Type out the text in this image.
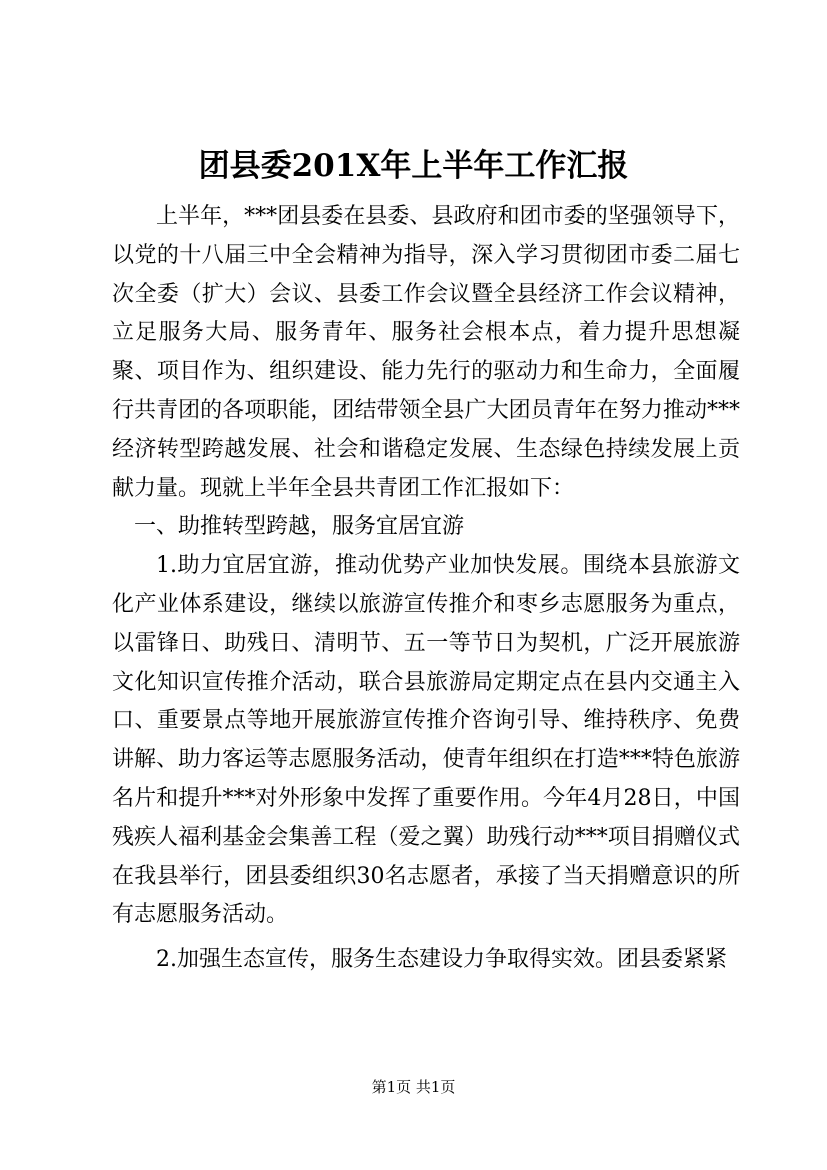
团县委201X年上半年工作汇报

上半年，***团县委在县委、县政府和团市委的坚强领导下，以党的十八届三中全会精神为指导，深入学习贯彻团市委二届七次全委（扩大）会议、县委工作会议暨全县经济工作会议精神，立足服务大局、服务青年、服务社会根本点，着力提升思想凝聚、项目作为、组织建设、能力先行的驱动力和生命力，全面履行共青团的各项职能，团结带领全县广大团员青年在努力推动***经济转型跨越发展、社会和谐稳定发展、生态绿色持续发展上贡献力量。现就上半年全县共青团工作汇报如下：

一、助推转型跨越，服务宜居宜游

1.助力宜居宜游，推动优势产业加快发展。围绕本县旅游文化产业体系建设，继续以旅游宣传推介和枣乡志愿服务为重点，以雷锋日、助残日、清明节、五一等节日为契机，广泛开展旅游文化知识宣传推介活动，联合县旅游局定期定点在县内交通主入口、重要景点等地开展旅游宣传推介咨询引导、维持秩序、免费讲解、助力客运等志愿服务活动，使青年组织在打造***特色旅游名片和提升***对外形象中发挥了重要作用。今年4月28日，中国残疾人福利基金会集善工程（爱之翼）助残行动***项目捐赠仪式在我县举行，团县委组织30名志愿者，承接了当天捐赠意识的所有志愿服务活动。

2.加强生态宣传，服务生态建设力争取得实效。团县委紧紧

第1页 共1页
